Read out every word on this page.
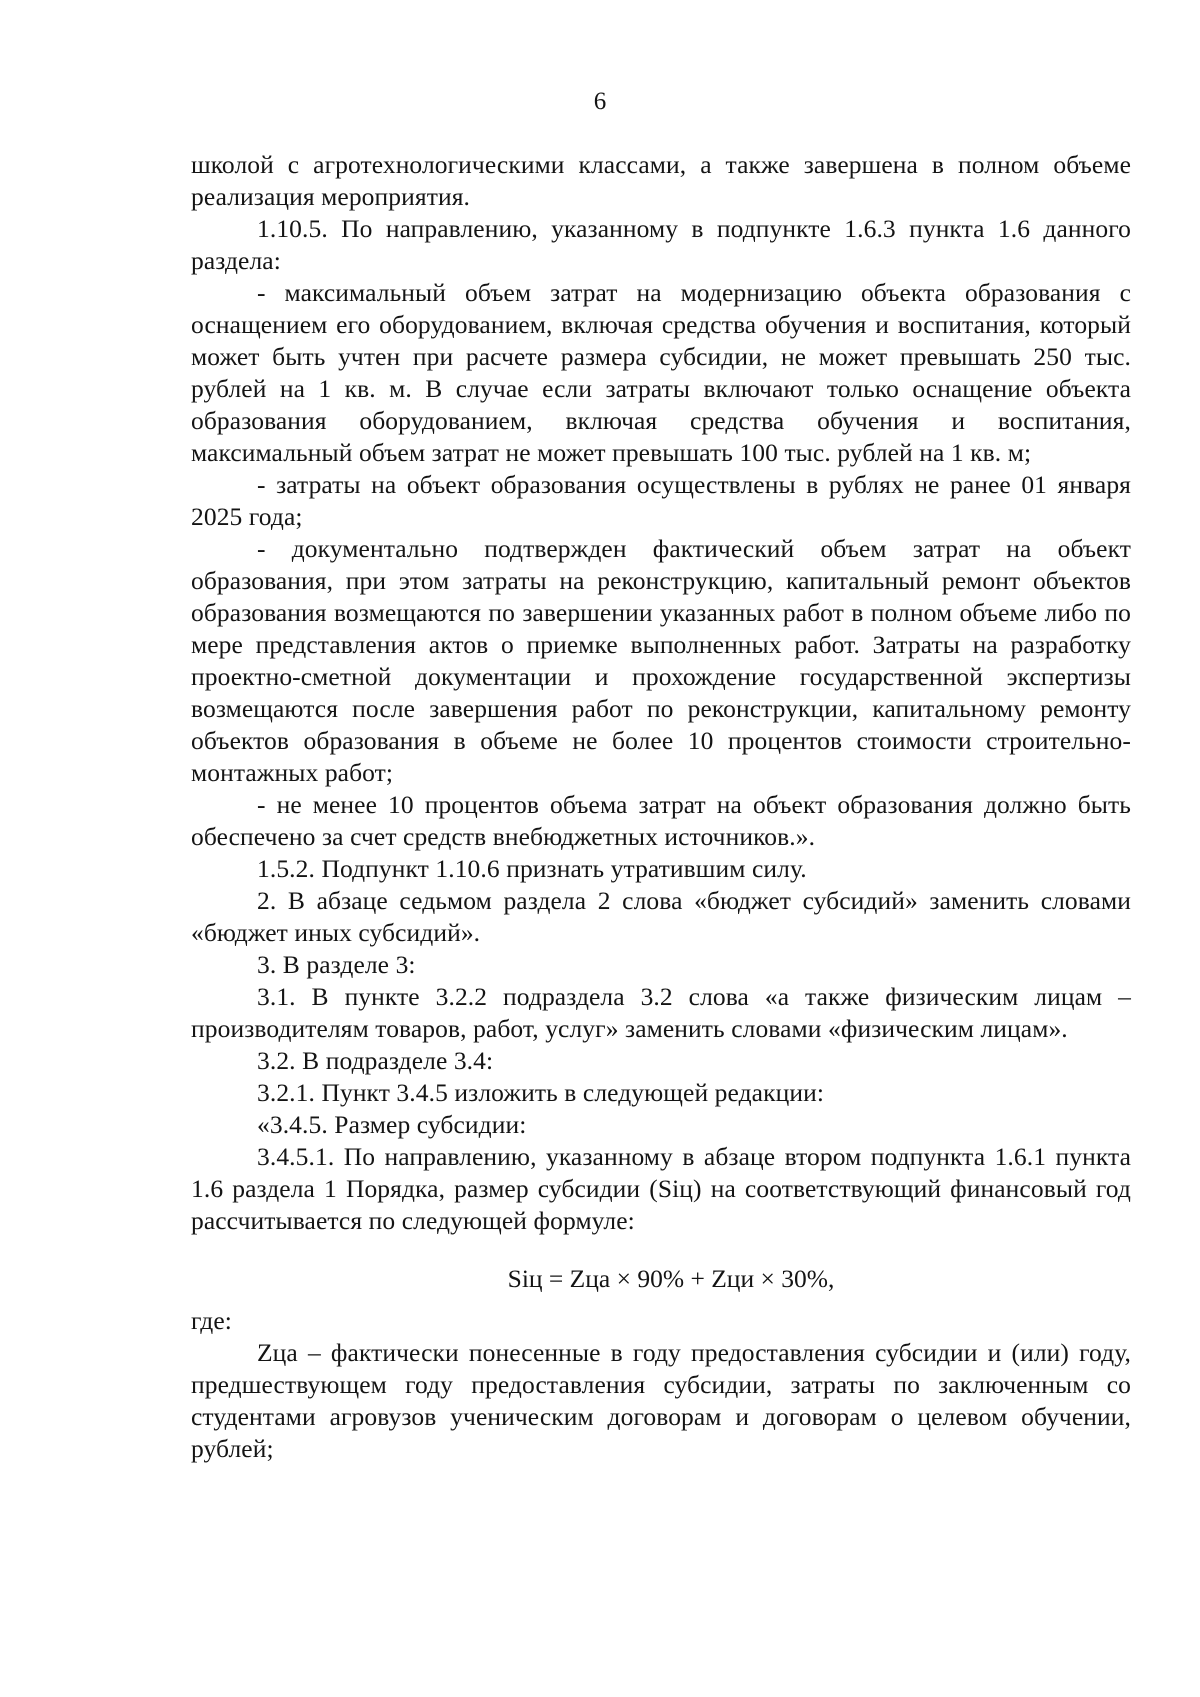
6

школой с агротехнологическими классами, а также завершена в полном объеме реализация мероприятия.

1.10.5. По направлению, указанному в подпункте 1.6.3 пункта 1.6 данного раздела:

- максимальный объем затрат на модернизацию объекта образования с оснащением его оборудованием, включая средства обучения и воспитания, который может быть учтен при расчете размера субсидии, не может превышать 250 тыс. рублей на 1 кв. м. В случае если затраты включают только оснащение объекта образования оборудованием, включая средства обучения и воспитания, максимальный объем затрат не может превышать 100 тыс. рублей на 1 кв. м;

- затраты на объект образования осуществлены в рублях не ранее 01 января 2025 года;

- документально подтвержден фактический объем затрат на объект образования, при этом затраты на реконструкцию, капитальный ремонт объектов образования возмещаются по завершении указанных работ в полном объеме либо по мере представления актов о приемке выполненных работ. Затраты на разработку проектно-сметной документации и прохождение государственной экспертизы возмещаются после завершения работ по реконструкции, капитальному ремонту объектов образования в объеме не более 10 процентов стоимости строительно-монтажных работ;

- не менее 10 процентов объема затрат на объект образования должно быть обеспечено за счет средств внебюджетных источников.».

1.5.2. Подпункт 1.10.6 признать утратившим силу.

2. В абзаце седьмом раздела 2 слова «бюджет субсидий» заменить словами «бюджет иных субсидий».

3. В разделе 3:

3.1. В пункте 3.2.2 подраздела 3.2 слова «а также физическим лицам – производителям товаров, работ, услуг» заменить словами «физическим лицам».

3.2. В подразделе 3.4:

3.2.1. Пункт 3.4.5 изложить в следующей редакции:

«3.4.5. Размер субсидии:

3.4.5.1. По направлению, указанному в абзаце втором подпункта 1.6.1 пункта 1.6 раздела 1 Порядка, размер субсидии (Siц) на соответствующий финансовый год рассчитывается по следующей формуле:

Siц = Zца × 90% + Zци × 30%,

где:

Zца – фактически понесенные в году предоставления субсидии и (или) году, предшествующем году предоставления субсидии, затраты по заключенным со студентами агровузов ученическим договорам и договорам о целевом обучении, рублей;
